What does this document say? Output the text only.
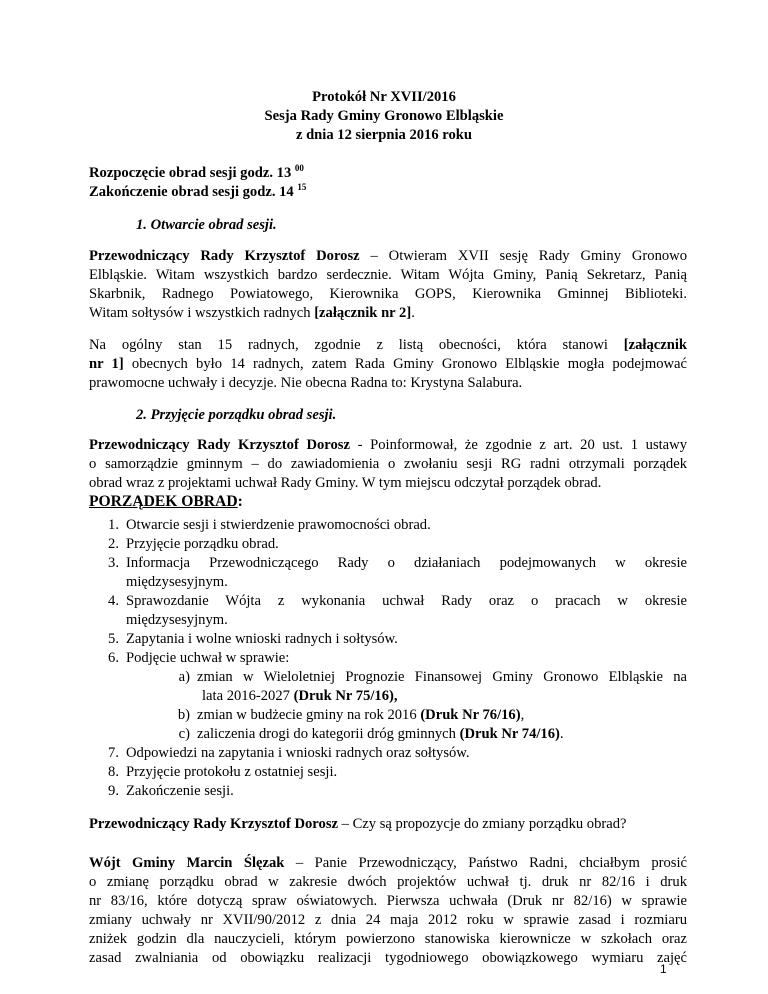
Protokół Nr XVII/2016
Sesja Rady Gminy Gronowo Elbląskie
z dnia 12 sierpnia 2016 roku
Rozpoczęcie obrad sesji godz. 13 $^{00}$
Zakończenie obrad sesji godz. 14 $^{15}$
1. Otwarcie obrad sesji.
Przewodniczący Rady Krzysztof Dorosz – Otwieram XVII sesję Rady Gminy Gronowo
Elbląskie. Witam wszystkich bardzo serdecznie. Witam Wójta Gminy, Panią Sekretarz, Panią
Skarbnik, Radnego Powiatowego, Kierownika GOPS, Kierownika Gminnej Biblioteki.
Witam sołtysów i wszystkich radnych [załącznik nr 2].
Na ogólny stan 15 radnych, zgodnie z listą obecności, która stanowi [załącznik
nr 1] obecnych było 14 radnych, zatem Rada Gminy Gronowo Elbląskie mogła podejmować
prawomocne uchwały i decyzje. Nie obecna Radna to: Krystyna Salabura.
2. Przyjęcie porządku obrad sesji.
Przewodniczący Rady Krzysztof Dorosz - Poinformował, że zgodnie z art. 20 ust. 1 ustawy
o samorządzie gminnym – do zawiadomienia o zwołaniu sesji RG radni otrzymali porządek
obrad wraz z projektami uchwał Rady Gminy. W tym miejscu odczytał porządek obrad.
PORZĄDEK OBRAD:
1. Otwarcie sesji i stwierdzenie prawomocności obrad.
2. Przyjęcie porządku obrad.
3. Informacja Przewodniczącego Rady o działaniach podejmowanych w okresie
międzysesyjnym.
4. Sprawozdanie Wójta z wykonania uchwał Rady oraz o pracach w okresie
międzysesyjnym.
5. Zapytania i wolne wnioski radnych i sołtysów.
6. Podjęcie uchwał w sprawie:
a) zmian w Wieloletniej Prognozie Finansowej Gminy Gronowo Elbląskie na
lata 2016-2027 (Druk Nr 75/16),
b) zmian w budżecie gminy na rok 2016 (Druk Nr 76/16),
c) zaliczenia drogi do kategorii dróg gminnych (Druk Nr 74/16).
7. Odpowiedzi na zapytania i wnioski radnych oraz sołtysów.
8. Przyjęcie protokołu z ostatniej sesji.
9. Zakończenie sesji.
Przewodniczący Rady Krzysztof Dorosz – Czy są propozycje do zmiany porządku obrad?
Wójt Gminy Marcin Ślęzak – Panie Przewodniczący, Państwo Radni, chciałbym prosić
o zmianę porządku obrad w zakresie dwóch projektów uchwał tj. druk nr 82/16 i druk
nr 83/16, które dotyczą spraw oświatowych. Pierwsza uchwała (Druk nr 82/16) w sprawie
zmiany uchwały nr XVII/90/2012 z dnia 24 maja 2012 roku w sprawie zasad i rozmiaru
zniżek godzin dla nauczycieli, którym powierzono stanowiska kierownicze w szkołach oraz
zasad zwalniania od obowiązku realizacji tygodniowego obowiązkowego wymiaru zajęć
1
